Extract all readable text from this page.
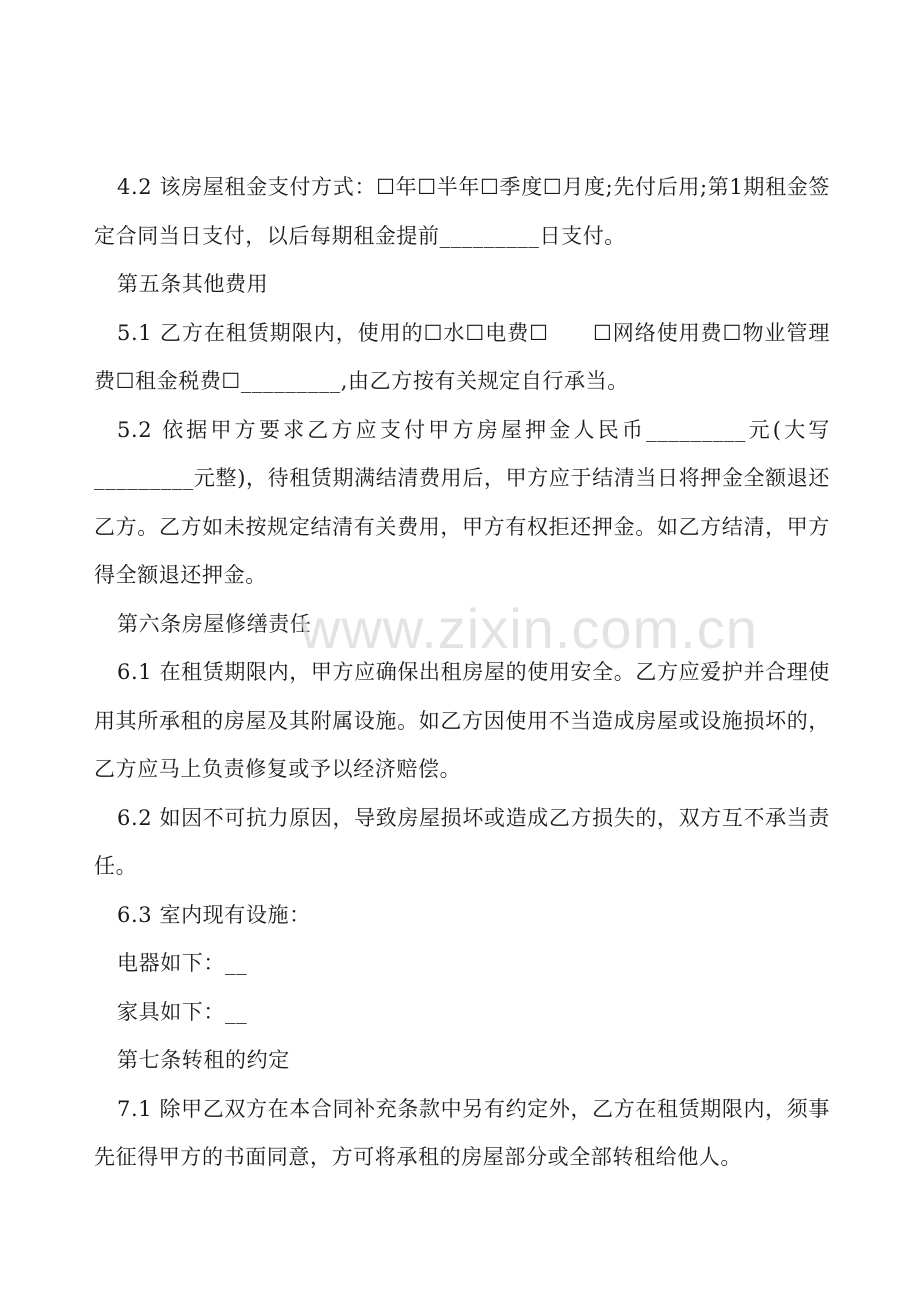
4.2 该房屋租金支付方式：☐年☐半年☐季度☐月度;先付后用;第1期租金签定合同当日支付，以后每期租金提前_________日支付。

第五条其他费用

5.1 乙方在租赁期限内，使用的☐水☐电费☐　　☐网络使用费☐物业管理费☐租金税费☐_________,由乙方按有关规定自行承当。

5.2 依据甲方要求乙方应支付甲方房屋押金人民币_________元(大写_________元整)，待租赁期满结清费用后，甲方应于结清当日将押金全额退还乙方。乙方如未按规定结清有关费用，甲方有权拒还押金。如乙方结清，甲方得全额退还押金。

第六条房屋修缮责任

6.1 在租赁期限内，甲方应确保出租房屋的使用安全。乙方应爱护并合理使用其所承租的房屋及其附属设施。如乙方因使用不当造成房屋或设施损坏的，乙方应马上负责修复或予以经济赔偿。

6.2 如因不可抗力原因，导致房屋损坏或造成乙方损失的，双方互不承当责任。

6.3 室内现有设施：

电器如下：__

家具如下：__

第七条转租的约定

7.1 除甲乙双方在本合同补充条款中另有约定外，乙方在租赁期限内，须事先征得甲方的书面同意，方可将承租的房屋部分或全部转租给他人。

www.zixin.com.cn
